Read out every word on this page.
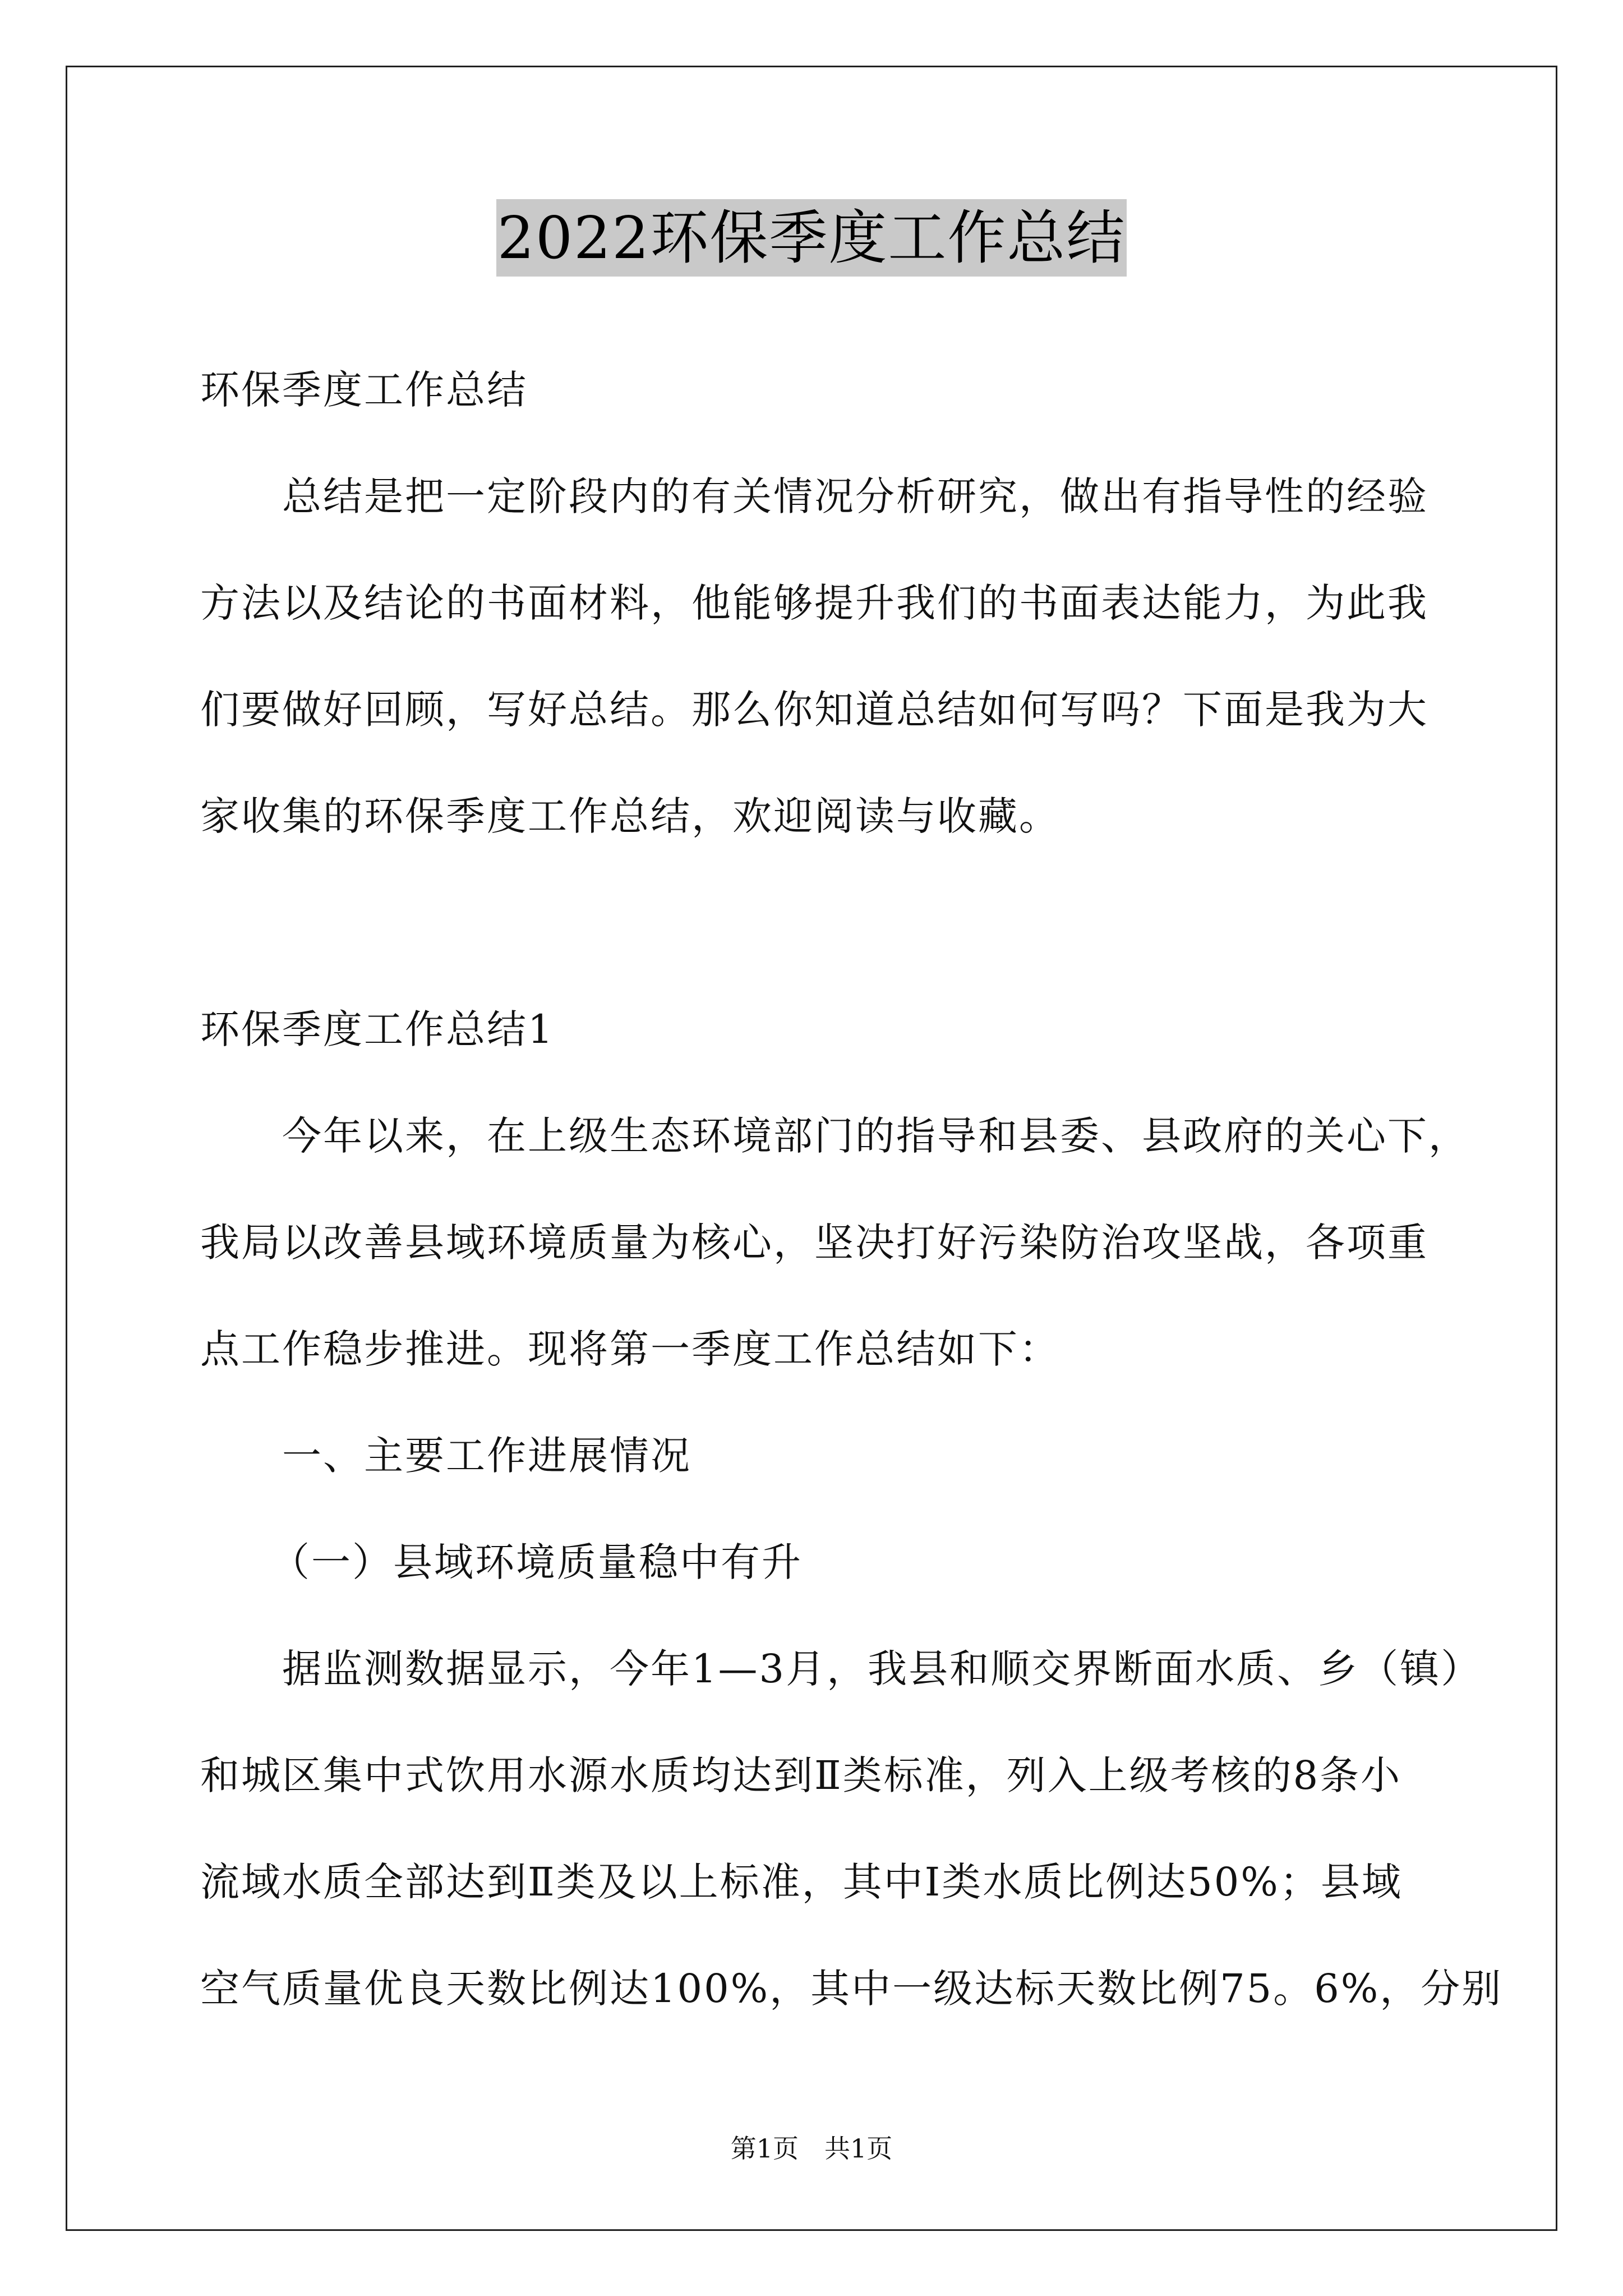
2022环保季度工作总结
环保季度工作总结
总结是把一定阶段内的有关情况分析研究，做出有指导性的经验
方法以及结论的书面材料，他能够提升我们的书面表达能力，为此我
们要做好回顾，写好总结。那么你知道总结如何写吗？下面是我为大
家收集的环保季度工作总结，欢迎阅读与收藏。
环保季度工作总结1
今年以来，在上级生态环境部门的指导和县委、县政府的关心下，
我局以改善县域环境质量为核心，坚决打好污染防治攻坚战，各项重
点工作稳步推进。现将第一季度工作总结如下：
一、主要工作进展情况
（一）县域环境质量稳中有升
据监测数据显示，今年1—3月，我县和顺交界断面水质、乡（镇）
和城区集中式饮用水源水质均达到Ⅱ类标准，列入上级考核的8条小
流域水质全部达到Ⅱ类及以上标准，其中Ⅰ类水质比例达50%；县域
空气质量优良天数比例达100%，其中一级达标天数比例75。6%，分别
第1页　共1页
